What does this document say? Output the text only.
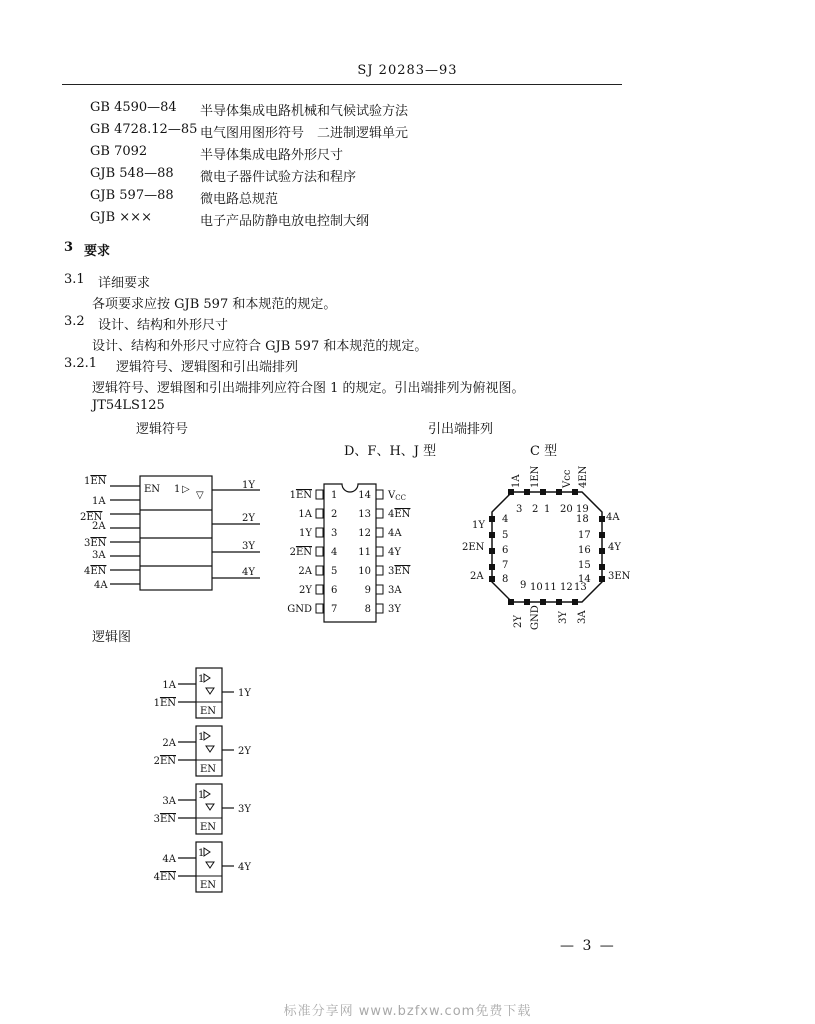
SJ 20283—93
GB 4590—84 半导体集成电路机械和气候试验方法
GB 4728.12—85 电气图用图形符号　二进制逻辑单元
GB 7092	半导体集成电路外形尺寸
GJB 548—88 微电子器件试验方法和程序
GJB 597—88 微电路总规范
GJB ×××	电子产品防静电放电控制大纲
3 要求
3.1 详细要求
各项要求应按 GJB 597 和本规范的规定。
3.2 设计、结构和外形尺寸
设计、结构和外形尺寸应符合 GJB 597 和本规范的规定。
3.2.1 逻辑符号、逻辑图和引出端排列
逻辑符号、逻辑图和引出端排列应符合图 1 的规定。引出端排列为俯视图。
JT54LS125
逻辑符号	引出端排列
D、F、H、J 型	C 型
逻辑图
1EN
1A
2EN
2A
3EN
3A
4EN
4A
EN 1 ▷
▽
1Y
2Y
3Y
4Y
1
1EN
2
1A
3
1Y
4
2EN
5
2A
6
2Y
7
GND
14 $V_{CC}$
13 4EN
12 4A
11 4Y
10 3EN
9 3A
8 3Y
3 2 1 20 19
1A 1EN Vcc 4EN
4
5
6
7
8
1Y
2EN
2A
18
17
16
15
14
4A
4Y
3EN
9 10 11 12 13
2Y GND 3Y 3A
1
EN
1A
1EN
1Y
1
EN
2A
2EN
2Y
1
EN
3A
3EN
3Y
1
EN
4A
4EN
4Y
— 3 —
标准分享网 www.bzfxw.com免费下载
